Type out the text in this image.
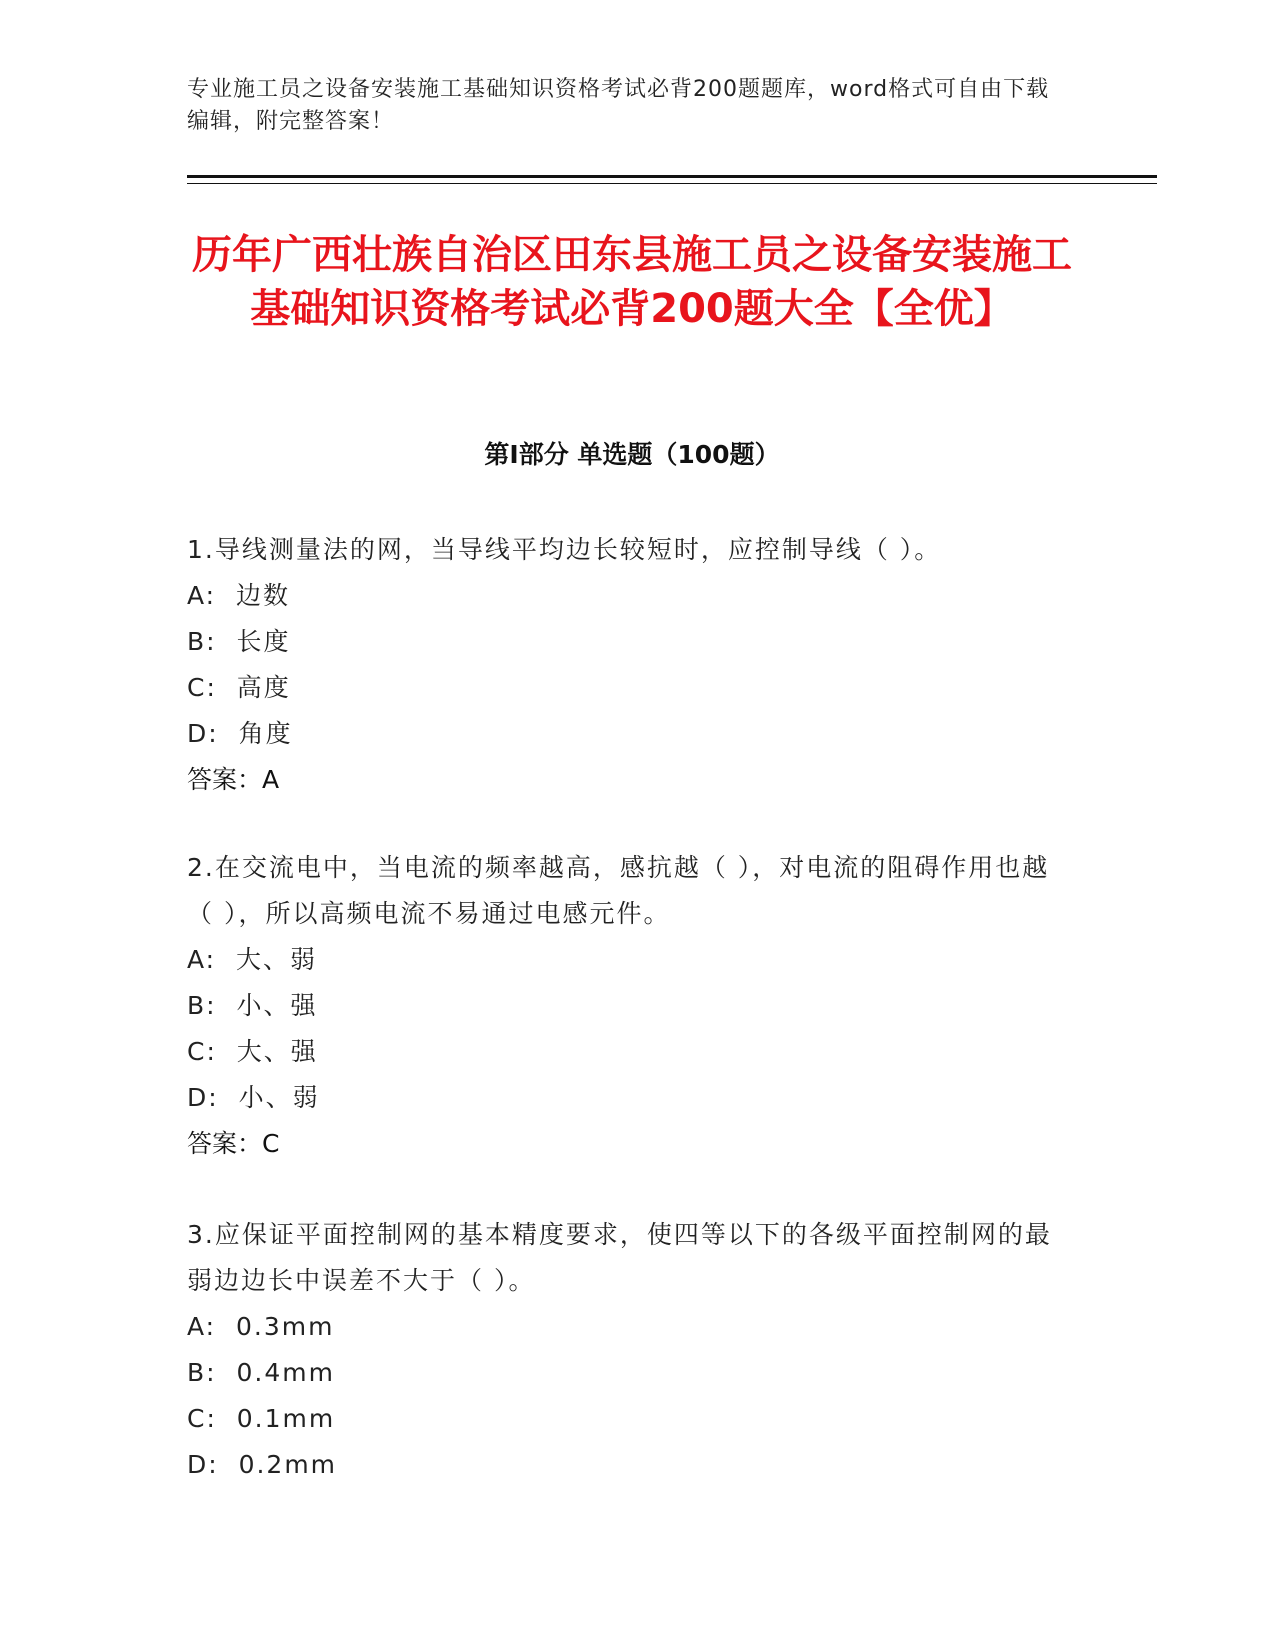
专业施工员之设备安装施工基础知识资格考试必背200题题库，word格式可自由下载编辑，附完整答案！
历年广西壮族自治区田东县施工员之设备安装施工基础知识资格考试必背200题大全【全优】
第I部分 单选题（100题）
1.导线测量法的网，当导线平均边长较短时，应控制导线（ ）。
A:  边数
B:  长度
C:  高度
D:  角度
答案：A
2.在交流电中，当电流的频率越高，感抗越（ ），对电流的阻碍作用也越（ ），所以高频电流不易通过电感元件。
A:  大、弱
B:  小、强
C:  大、强
D:  小、弱
答案：C
3.应保证平面控制网的基本精度要求，使四等以下的各级平面控制网的最弱边边长中误差不大于（ ）。
A:  0.3mm
B:  0.4mm
C:  0.1mm
D:  0.2mm
